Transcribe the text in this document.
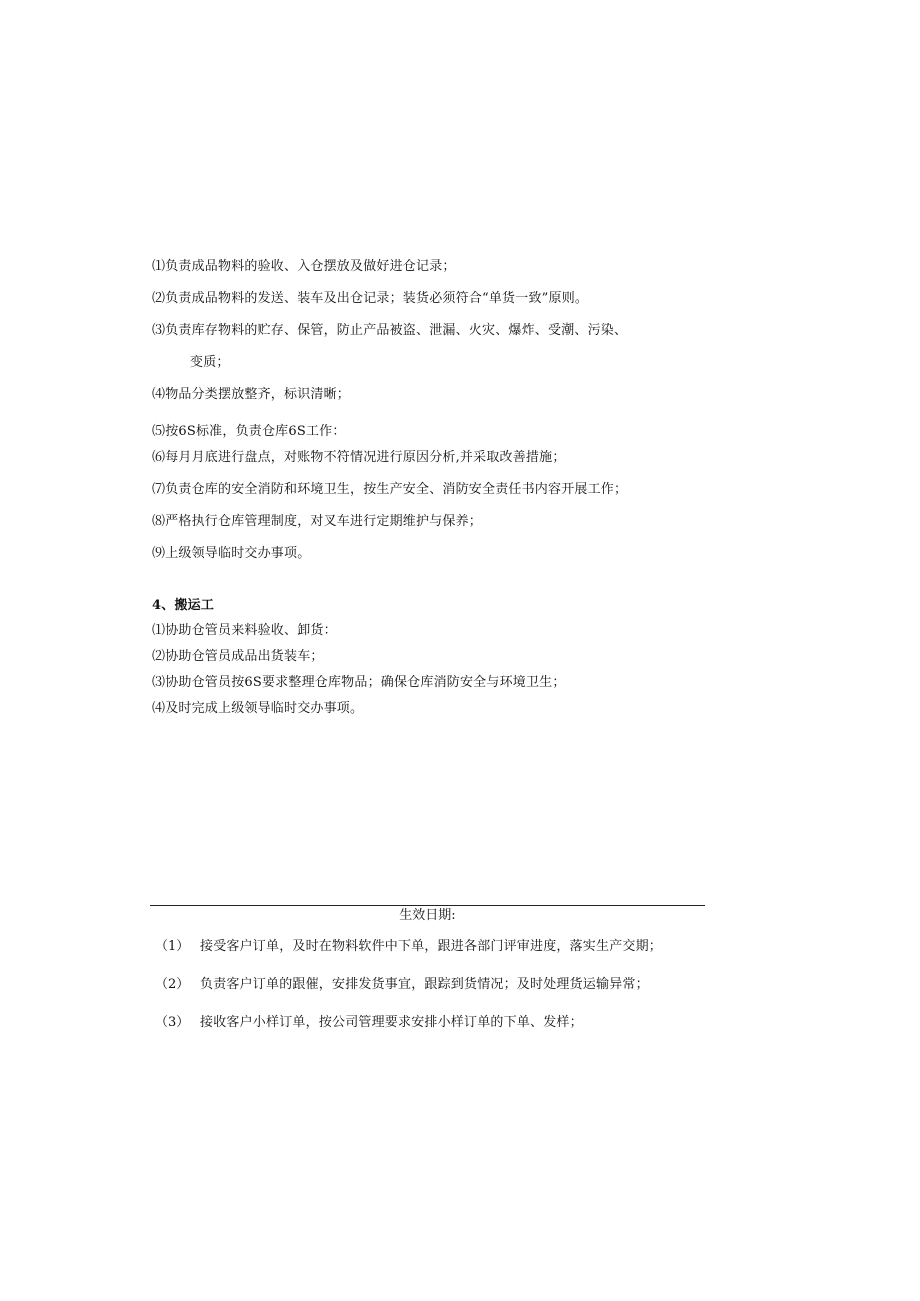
⑴负责成品物料的验收、入仓摆放及做好进仓记录；
⑵负责成品物料的发送、装车及出仓记录；装货必须符合“单货一致”原则。
⑶负责库存物料的贮存、保管，防止产品被盗、泄漏、火灾、爆炸、受潮、污染、
变质；
⑷物品分类摆放整齐，标识清晰；
⑸按6S标准，负责仓库6S工作：
⑹每月月底进行盘点，对账物不符情况进行原因分析,并采取改善措施；
⑺负责仓库的安全消防和环境卫生，按生产安全、消防安全责任书内容开展工作；
⑻严格执行仓库管理制度，对叉车进行定期维护与保养；
⑼上级领导临时交办事项。
4、搬运工
⑴协助仓管员来料验收、卸货：
⑵协助仓管员成品出货装车；
⑶协助仓管员按6S要求整理仓库物品；确保仓库消防安全与环境卫生；
⑷及时完成上级领导临时交办事项。
生效日期:
（1） 接受客户订单，及时在物料软件中下单，跟进各部门评审进度，落实生产交期；
（2） 负责客户订单的跟催，安排发货事宜，跟踪到货情况；及时处理货运输异常；
（3） 接收客户小样订单，按公司管理要求安排小样订单的下单、发样；
